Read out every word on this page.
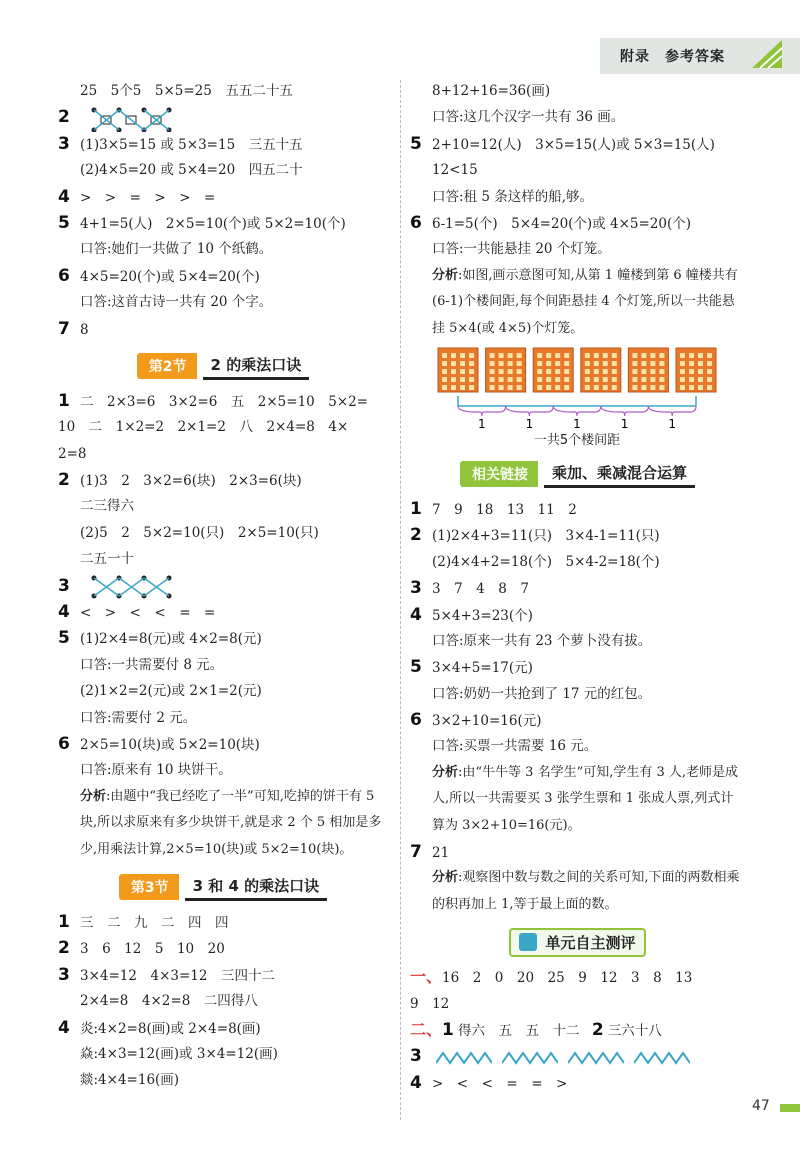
附录　参考答案
25　5个5　5×5=25　五五二十五
2
3 (1)3×5=15 或 5×3=15　三五十五
(2)4×5=20 或 5×4=20　四五二十
4 >　>　=　>　>　=
5 4+1=5(人)　2×5=10(个)或 5×2=10(个)
口答:她们一共做了 10 个纸鹤。
6 4×5=20(个)或 5×4=20(个)
口答:这首古诗一共有 20 个字。
7 8
第2节	2 的乘法口诀
1 二　2×3=6　3×2=6　五　2×5=10　5×2=
10　二　1×2=2　2×1=2　八　2×4=8　4×
2=8
2 (1)3　2　3×2=6(块)　2×3=6(块)
二三得六
(2)5　2　5×2=10(只)　2×5=10(只)
二五一十
3
4 <　>　<　<　=　=
5 (1)2×4=8(元)或 4×2=8(元)
口答:一共需要付 8 元。
(2)1×2=2(元)或 2×1=2(元)
口答:需要付 2 元。
6 2×5=10(块)或 5×2=10(块)
口答:原来有 10 块饼干。
分析:由题中“我已经吃了一半”可知,吃掉的饼干有 5 块,所以求原来有多少块饼干,就是求 2 个 5 相加是多少,用乘法计算,2×5=10(块)或 5×2=10(块)。
第3节	3 和 4 的乘法口诀
1 三　二　九　二　四　四
2 3　6　12　5　10　20
3 3×4=12　4×3=12　三四十二
2×4=8　4×2=8　二四得八
4 炎:4×2=8(画)或 2×4=8(画)
焱:4×3=12(画)或 3×4=12(画)
燚:4×4=16(画)
8+12+16=36(画)
口答:这几个汉字一共有 36 画。
5 2+10=12(人)　3×5=15(人)或 5×3=15(人)
12<15
口答:租 5 条这样的船,够。
6 6-1=5(个)　5×4=20(个)或 4×5=20(个)
口答:一共能悬挂 20 个灯笼。
分析:如图,画示意图可知,从第 1 幢楼到第 6 幢楼共有(6-1)个楼间距,每个间距悬挂 4 个灯笼,所以一共能悬挂 5×4(或 4×5)个灯笼。
1	1	1	1	1
一共5个楼间距
相关链接	乘加、乘减混合运算
1 7　9　18　13　11　2
2 (1)2×4+3=11(只)　3×4-1=11(只)
(2)4×4+2=18(个)　5×4-2=18(个)
3 3　7　4　8　7
4 5×4+3=23(个)
口答:原来一共有 23 个萝卜没有拔。
5 3×4+5=17(元)
口答:奶奶一共抢到了 17 元的红包。
6 3×2+10=16(元)
口答:买票一共需要 16 元。
分析:由“牛牛等 3 名学生”可知,学生有 3 人,老师是成人,所以一共需要买 3 张学生票和 1 张成人票,列式计算为 3×2+10=16(元)。
7 21
分析:观察图中数与数之间的关系可知,下面的两数相乘的积再加上 1,等于最上面的数。
单元自主测评
一、16　2　0　20　25　9　12　3　8　13
9　12
二、1 得六　五　五　十二 2 三六十八
3
4 >　<　<　=　=　>
47
